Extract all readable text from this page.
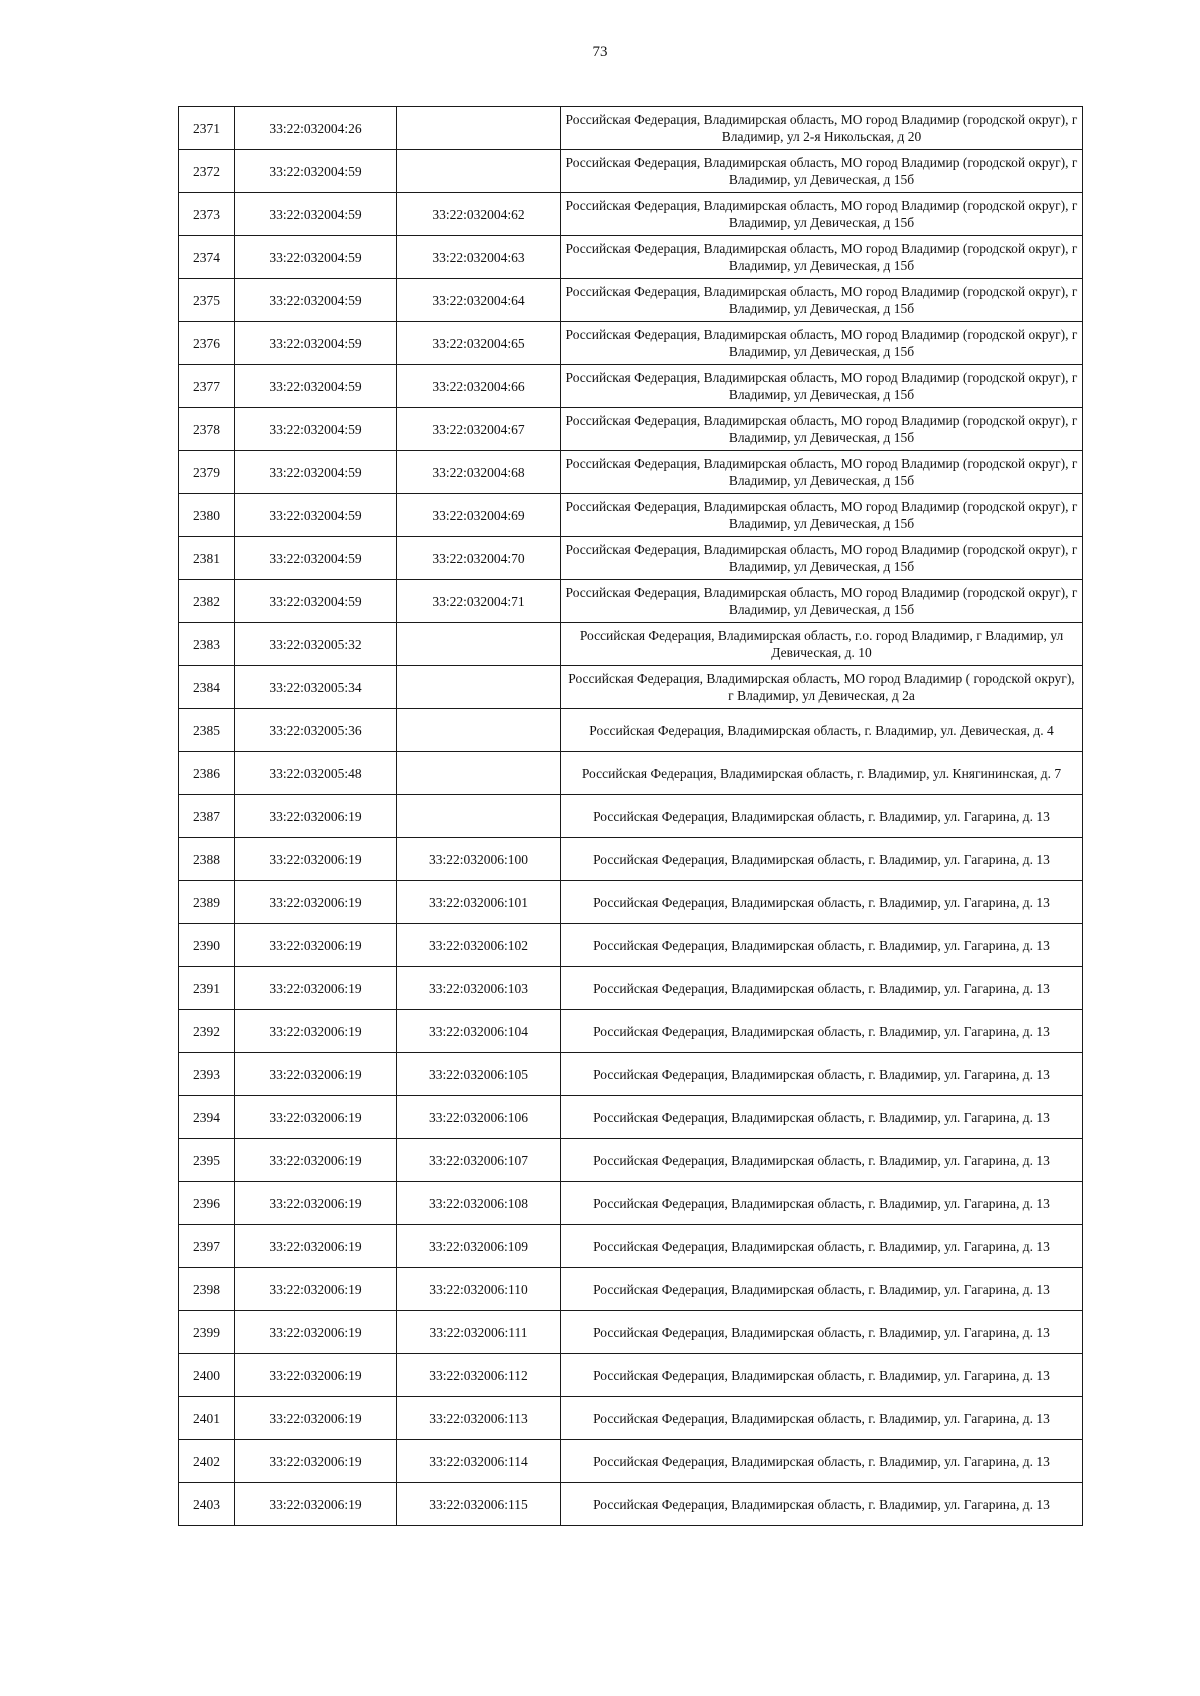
73
2371	33:22:032004:26		Российская Федерация, Владимирская область, МО город Владимир (городской округ), г Владимир, ул 2-я Никольская, д 20
2372	33:22:032004:59		Российская Федерация, Владимирская область, МО город Владимир (городской округ), г Владимир, ул Девическая, д 15б
2373	33:22:032004:59	33:22:032004:62	Российская Федерация, Владимирская область, МО город Владимир (городской округ), г Владимир, ул Девическая, д 15б
2374	33:22:032004:59	33:22:032004:63	Российская Федерация, Владимирская область, МО город Владимир (городской округ), г Владимир, ул Девическая, д 15б
2375	33:22:032004:59	33:22:032004:64	Российская Федерация, Владимирская область, МО город Владимир (городской округ), г Владимир, ул Девическая, д 15б
2376	33:22:032004:59	33:22:032004:65	Российская Федерация, Владимирская область, МО город Владимир (городской округ), г Владимир, ул Девическая, д 15б
2377	33:22:032004:59	33:22:032004:66	Российская Федерация, Владимирская область, МО город Владимир (городской округ), г Владимир, ул Девическая, д 15б
2378	33:22:032004:59	33:22:032004:67	Российская Федерация, Владимирская область, МО город Владимир (городской округ), г Владимир, ул Девическая, д 15б
2379	33:22:032004:59	33:22:032004:68	Российская Федерация, Владимирская область, МО город Владимир (городской округ), г Владимир, ул Девическая, д 15б
2380	33:22:032004:59	33:22:032004:69	Российская Федерация, Владимирская область, МО город Владимир (городской округ), г Владимир, ул Девическая, д 15б
2381	33:22:032004:59	33:22:032004:70	Российская Федерация, Владимирская область, МО город Владимир (городской округ), г Владимир, ул Девическая, д 15б
2382	33:22:032004:59	33:22:032004:71	Российская Федерация, Владимирская область, МО город Владимир (городской округ), г Владимир, ул Девическая, д 15б
2383	33:22:032005:32		Российская Федерация, Владимирская область, г.о. город Владимир, г Владимир, ул Девическая, д. 10
2384	33:22:032005:34		Российская Федерация, Владимирская область, МО город Владимир ( городской округ), г Владимир, ул Девическая, д 2а
2385	33:22:032005:36		Российская Федерация, Владимирская область, г. Владимир, ул. Девическая, д. 4
2386	33:22:032005:48		Российская Федерация, Владимирская область, г. Владимир, ул. Княгининская, д. 7
2387	33:22:032006:19		Российская Федерация, Владимирская область, г. Владимир, ул. Гагарина, д. 13
2388	33:22:032006:19	33:22:032006:100	Российская Федерация, Владимирская область, г. Владимир, ул. Гагарина, д. 13
2389	33:22:032006:19	33:22:032006:101	Российская Федерация, Владимирская область, г. Владимир, ул. Гагарина, д. 13
2390	33:22:032006:19	33:22:032006:102	Российская Федерация, Владимирская область, г. Владимир, ул. Гагарина, д. 13
2391	33:22:032006:19	33:22:032006:103	Российская Федерация, Владимирская область, г. Владимир, ул. Гагарина, д. 13
2392	33:22:032006:19	33:22:032006:104	Российская Федерация, Владимирская область, г. Владимир, ул. Гагарина, д. 13
2393	33:22:032006:19	33:22:032006:105	Российская Федерация, Владимирская область, г. Владимир, ул. Гагарина, д. 13
2394	33:22:032006:19	33:22:032006:106	Российская Федерация, Владимирская область, г. Владимир, ул. Гагарина, д. 13
2395	33:22:032006:19	33:22:032006:107	Российская Федерация, Владимирская область, г. Владимир, ул. Гагарина, д. 13
2396	33:22:032006:19	33:22:032006:108	Российская Федерация, Владимирская область, г. Владимир, ул. Гагарина, д. 13
2397	33:22:032006:19	33:22:032006:109	Российская Федерация, Владимирская область, г. Владимир, ул. Гагарина, д. 13
2398	33:22:032006:19	33:22:032006:110	Российская Федерация, Владимирская область, г. Владимир, ул. Гагарина, д. 13
2399	33:22:032006:19	33:22:032006:111	Российская Федерация, Владимирская область, г. Владимир, ул. Гагарина, д. 13
2400	33:22:032006:19	33:22:032006:112	Российская Федерация, Владимирская область, г. Владимир, ул. Гагарина, д. 13
2401	33:22:032006:19	33:22:032006:113	Российская Федерация, Владимирская область, г. Владимир, ул. Гагарина, д. 13
2402	33:22:032006:19	33:22:032006:114	Российская Федерация, Владимирская область, г. Владимир, ул. Гагарина, д. 13
2403	33:22:032006:19	33:22:032006:115	Российская Федерация, Владимирская область, г. Владимир, ул. Гагарина, д. 13
